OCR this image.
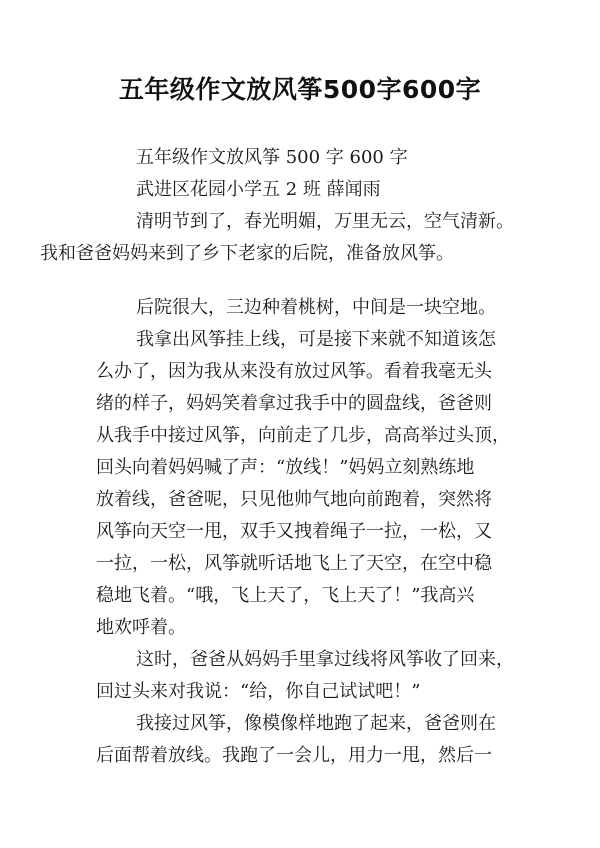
五年级作文放风筝500字600字
五年级作文放风筝 500 字 600 字
武进区花园小学五 2 班 薛闻雨
清明节到了，春光明媚，万里无云，空气清新。
我和爸爸妈妈来到了乡下老家的后院，准备放风筝。
后院很大，三边种着桃树，中间是一块空地。
我拿出风筝挂上线，可是接下来就不知道该怎
么办了，因为我从来没有放过风筝。看着我毫无头
绪的样子，妈妈笑着拿过我手中的圆盘线，爸爸则
从我手中接过风筝，向前走了几步，高高举过头顶，
回头向着妈妈喊了声：“放线！”妈妈立刻熟练地
放着线，爸爸呢，只见他帅气地向前跑着，突然将
风筝向天空一甩，双手又拽着绳子一拉，一松，又
一拉，一松，风筝就听话地飞上了天空，在空中稳
稳地飞着。“哦，飞上天了，飞上天了！”我高兴
地欢呼着。
这时，爸爸从妈妈手里拿过线将风筝收了回来，
回过头来对我说：“给，你自己试试吧！”
我接过风筝，像模像样地跑了起来，爸爸则在
后面帮着放线。我跑了一会儿，用力一甩，然后一
